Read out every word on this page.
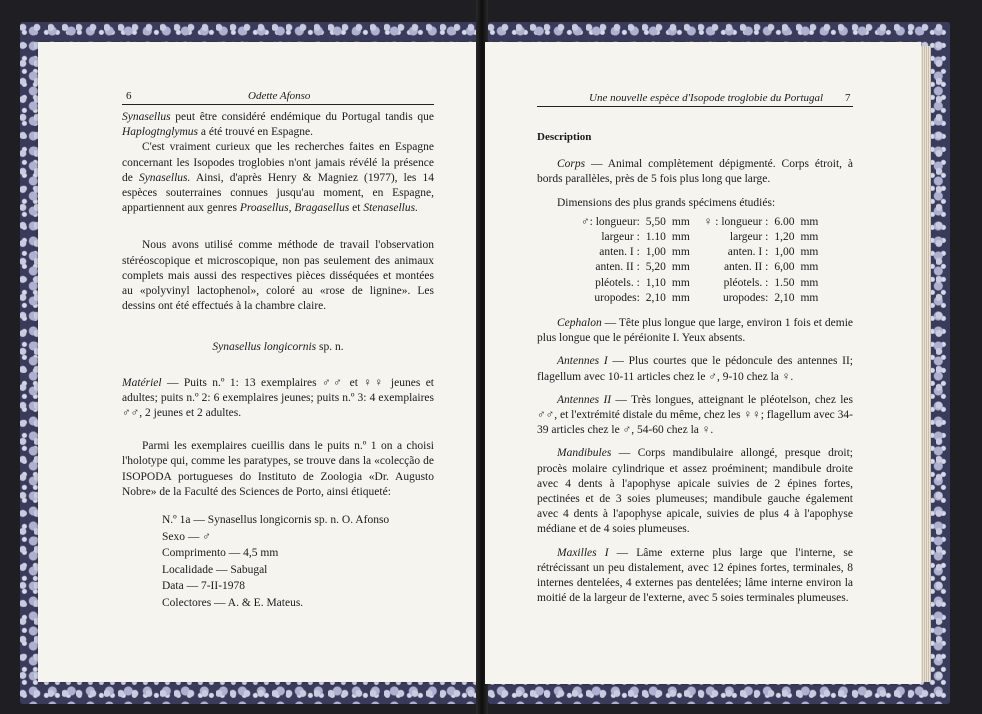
6	Odette Afonso

Synasellus peut être considéré endémique du Portugal tandis que Haplogtnglymus a été trouvé en Espagne.

C'est vraiment curieux que les recherches faites en Espagne concernant les Isopodes troglobies n'ont jamais révélé la présence de Synasellus. Ainsi, d'après Henry & Magniez (1977), les 14 espèces souterraines connues jusqu'au moment, en Espagne, appartiennent aux genres Proasellus, Bragasellus et Stenasellus.

Nous avons utilisé comme méthode de travail l'observation stéréoscopique et microscopique, non pas seulement des animaux complets mais aussi des respectives pièces disséquées et montées au «polyvinyl lactophenol», coloré au «rose de lignine». Les dessins ont été effectués à la chambre claire.

Synasellus longicornis sp. n.

Matériel — Puits n.º 1: 13 exemplaires ♂♂ et ♀♀ jeunes et adultes; puits n.º 2: 6 exemplaires jeunes; puits n.º 3: 4 exemplaires ♂♂, 2 jeunes et 2 adultes.

Parmi les exemplaires cueillis dans le puits n.º 1 on a choisi l'holotype qui, comme les paratypes, se trouve dans la «colecção de ISOPODA portugueses do Instituto de Zoologia «Dr. Augusto Nobre» de la Faculté des Sciences de Porto, ainsi étiqueté:

N.º 1a — Synasellus longicornis sp. n. O. Afonso
Sexo — ♂
Comprimento — 4,5 mm
Localidade — Sabugal
Data — 7-II-1978
Colectores — A. & E. Mateus.
Une nouvelle espèce d'Isopode troglobie du Portugal 7

Description

Corps — Animal complètement dépigmenté. Corps étroit, à bords parallèles, près de 5 fois plus long que large.

Dimensions des plus grands spécimens étudiés:

♂: longueur: 5,50 mm
largeur : 1.10 mm
anten. I : 1,00 mm
anten. II : 5,20 mm
pléotels. : 1,10 mm
uropodes: 2,10 mm
♀ : longueur : 6.00 mm
largeur : 1,20 mm
anten. I : 1,00 mm
anten. II : 6,00 mm
pléotels. : 1.50 mm
uropodes: 2,10 mm

Cephalon — Tête plus longue que large, environ 1 fois et demie plus longue que le péréionite I. Yeux absents.

Antennes I — Plus courtes que le pédoncule des antennes II; flagellum avec 10-11 articles chez le ♂, 9-10 chez la ♀.

Antennes II — Très longues, atteignant le pléotelson, chez les ♂♂, et l'extrémité distale du même, chez les ♀♀; flagellum avec 34-39 articles chez le ♂, 54-60 chez la ♀.

Mandibules — Corps mandibulaire allongé, presque droit; procès molaire cylindrique et assez proéminent; mandibule droite avec 4 dents à l'apophyse apicale suivies de 2 épines fortes, pectinées et de 3 soies plumeuses; mandibule gauche également avec 4 dents à l'apophyse apicale, suivies de plus 4 à l'apophyse médiane et de 4 soies plumeuses.

Maxilles I — Lâme externe plus large que l'interne, se rétrécissant un peu distalement, avec 12 épines fortes, terminales, 8 internes dentelées, 4 externes pas dentelées; lâme interne environ la moitié de la largeur de l'externe, avec 5 soies terminales plumeuses.
